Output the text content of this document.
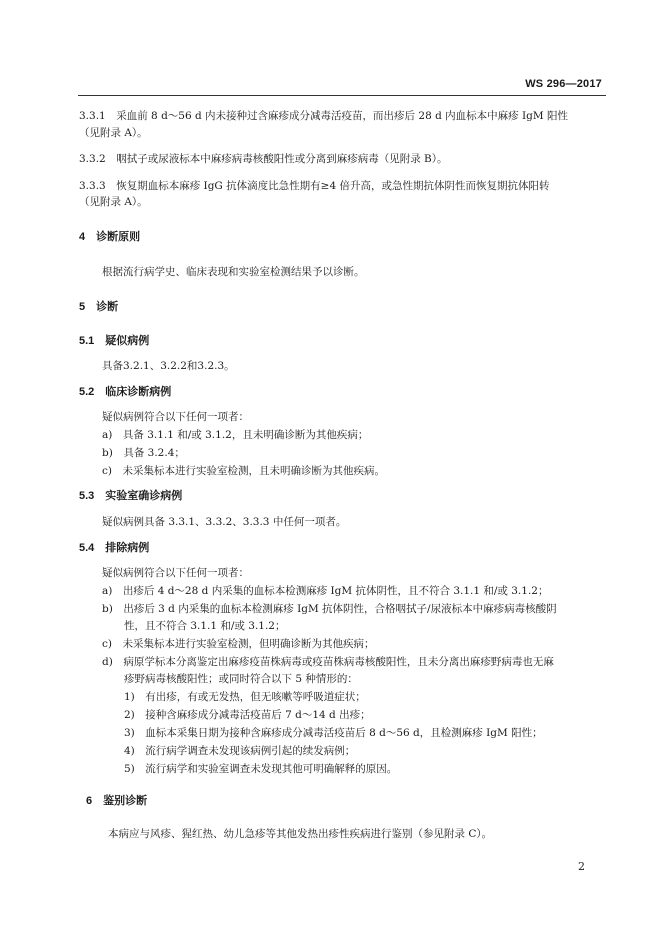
WS 296—2017
3.3.1　采血前 8 d～56 d 内未接种过含麻疹成分减毒活疫苗，而出疹后 28 d 内血标本中麻疹 IgM 阳性
（见附录 A）。
3.3.2　咽拭子或尿液标本中麻疹病毒核酸阳性或分离到麻疹病毒（见附录 B）。
3.3.3　恢复期血标本麻疹 IgG 抗体滴度比急性期有≥4 倍升高，或急性期抗体阴性而恢复期抗体阳转
（见附录 A）。
4　诊断原则
根据流行病学史、临床表现和实验室检测结果予以诊断。
5　诊断
5.1　疑似病例
具备3.2.1、3.2.2和3.2.3。
5.2　临床诊断病例
疑似病例符合以下任何一项者：
a)　具备 3.1.1 和/或 3.1.2，且未明确诊断为其他疾病；
b)　具备 3.2.4；
c)　未采集标本进行实验室检测，且未明确诊断为其他疾病。
5.3　实验室确诊病例
疑似病例具备 3.3.1、3.3.2、3.3.3 中任何一项者。
5.4　排除病例
疑似病例符合以下任何一项者：
a)　出疹后 4 d～28 d 内采集的血标本检测麻疹 IgM 抗体阴性，且不符合 3.1.1 和/或 3.1.2；
b)　出疹后 3 d 内采集的血标本检测麻疹 IgM 抗体阴性，合格咽拭子/尿液标本中麻疹病毒核酸阴
性，且不符合 3.1.1 和/或 3.1.2；
c)　未采集标本进行实验室检测，但明确诊断为其他疾病；
d)　病原学标本分离鉴定出麻疹疫苗株病毒或疫苗株病毒核酸阳性，且未分离出麻疹野病毒也无麻
疹野病毒核酸阳性；或同时符合以下 5 种情形的：
1)　有出疹，有或无发热，但无咳嗽等呼吸道症状；
2)　接种含麻疹成分减毒活疫苗后 7 d～14 d 出疹；
3)　血标本采集日期为接种含麻疹成分减毒活疫苗后 8 d～56 d，且检测麻疹 IgM 阳性；
4)　流行病学调查未发现该病例引起的续发病例；
5)　流行病学和实验室调查未发现其他可明确解释的原因。
6　鉴别诊断
本病应与风疹、猩红热、幼儿急疹等其他发热出疹性疾病进行鉴别（参见附录 C）。
2
